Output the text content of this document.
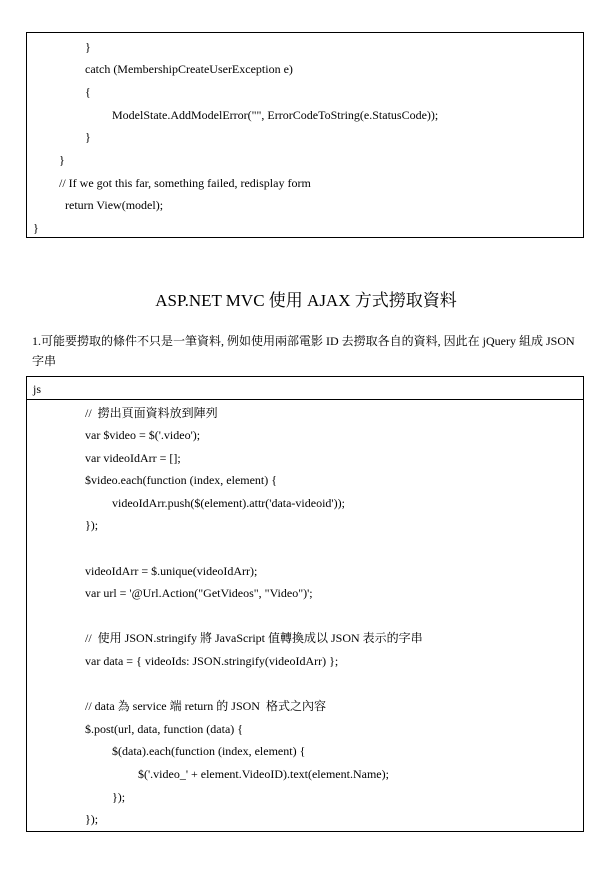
}
catch (MembershipCreateUserException e)
{
ModelState.AddModelError("", ErrorCodeToString(e.StatusCode));
}
}
// If we got this far, something failed, redisplay form
return View(model);
}
ASP.NET MVC 使用 AJAX 方式撈取資料
1.可能要撈取的條件不只是一筆資料, 例如使用兩部電影 ID 去撈取各自的資料, 因此在 jQuery 組成 JSON 字串
js
//  撈出頁面資料放到陣列
var $video = $('.video');
var videoIdArr = [];
$video.each(function (index, element) {
videoIdArr.push($(element).attr('data-videoid'));
});
videoIdArr = $.unique(videoIdArr);
var url = '@Url.Action("GetVideos", "Video")';
//  使用 JSON.stringify 將 JavaScript 值轉換成以 JSON 表示的字串
var data = { videoIds: JSON.stringify(videoIdArr) };
// data 為 service 端 return 的 JSON  格式之內容
$.post(url, data, function (data) {
$(data).each(function (index, element) {
$('.video_' + element.VideoID).text(element.Name);
});
});
